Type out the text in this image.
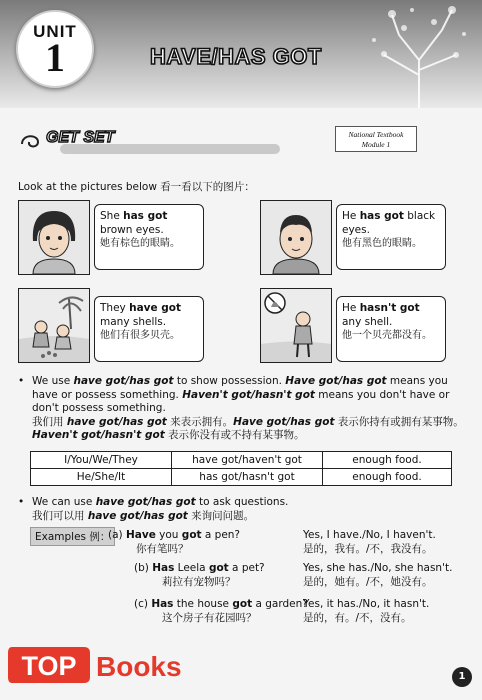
UNIT
1	HAVE/HAS GOT
GET SET	National Textbook
Module 1
Look at the pictures below 看一看以下的图片：
She has got brown eyes.
她有棕色的眼睛。
He has got black eyes.
他有黑色的眼睛。
They have got many shells.
他们有很多贝壳。
He hasn't got any shell.
他一个贝壳都没有。
• We use have got/has got to show possession. Have got/has got means you have or possess something. Haven't got/hasn't got means you don't have or don't possess something.
我们用 have got/has got 来表示拥有。Have got/has got 表示你持有或拥有某事物。
Haven't got/hasn't got 表示你没有或不持有某事物。
I/You/We/They	have got/haven't got	enough food.
He/She/It	has got/hasn't got	enough food.
• We can use have got/has got to ask questions.
我们可以用 have got/has got 来询问问题。
Examples 例：
(a) Have you got a pen?
你有笔吗？
Yes, I have./No, I haven't.
是的，我有。/不，我没有。
(b) Has Leela got a pet?
莉拉有宠物吗？
Yes, she has./No, she hasn't.
是的，她有。/不，她没有。
(c) Has the house got a garden?
这个房子有花园吗？
Yes, it has./No, it hasn't.
是的，有。/不，没有。
TOP Books	1
